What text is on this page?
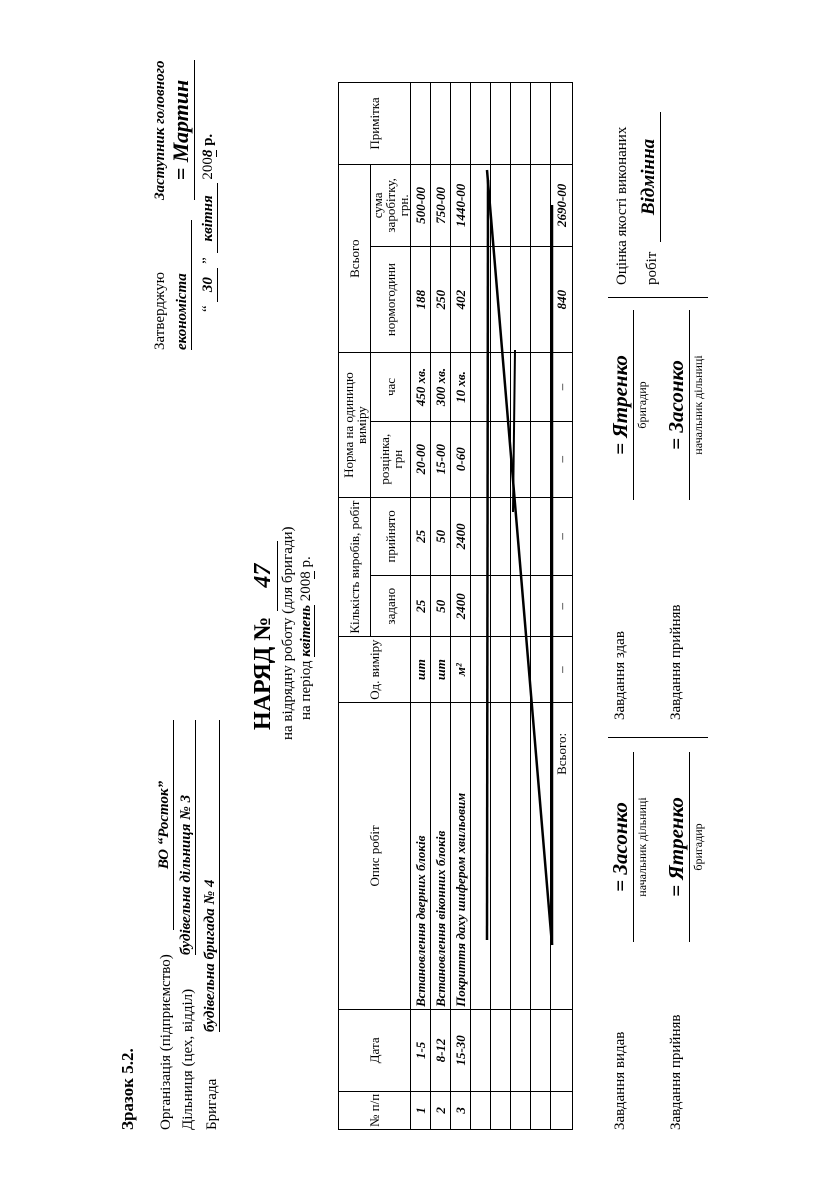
Зразок 5.2. Організація (підприємство)
ВО “Росток”
Дільниця (цех, відділ)
будівельна дільниця № 3
Бригада
будівельна бригада № 4
Затверджую
Заступник головного
економіста
= Мартин
“ 30 ” квітня 2008 р.
НАРЯД № 47 на відрядну роботу (для бригади) на період квітень 2008 р.
№ п/п	Дата	Опис робіт	Од. виміру	Кількість виробів, робіт		Норма на одиницю виміру		Всього		Примітка
				задано	прийнято	розцінка, грн	час	нормогодини	сума заробітку, грн.	
1	1-5	Встановлення дверних блоків	шт	25	25	20-00	450 хв.	188	500-00	
2	8-12	Встановлення віконних блоків	шт	50	50	15-00	300 хв.	250	750-00	
3	15-30	Покриття даху шифером хвильовим	м²	2400	2400	0-60	10 хв.	402	1440-00	

		Всього:	–	–	–	–	–	840	2690-00	
Завдання видав
= Засонко начальник дільниці
Завдання прийняв
= Ятренко бригадир
Завдання здав
= Ятренко бригадир
Завдання прийняв
= Засонко начальник дільниці
Оцінка якості виконаних робіт
Відмінна
